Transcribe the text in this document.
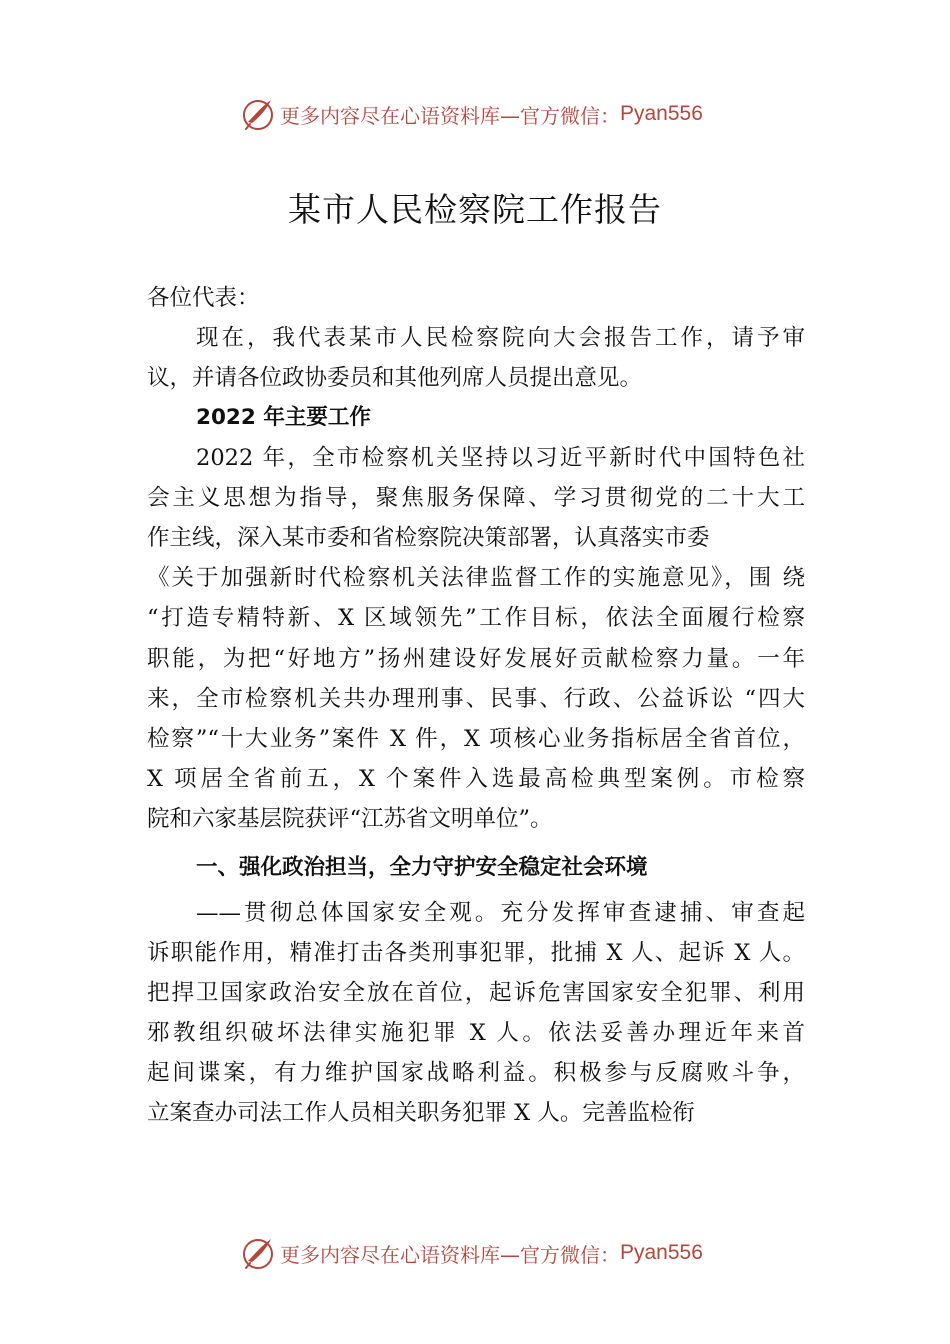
更多内容尽在心语资料库—官方微信： Pyan556
某市人民检察院工作报告
各位代表：
现在，我代表某市人民检察院向大会报告工作，请予审
议，并请各位政协委员和其他列席人员提出意见。
2022 年主要工作
2022 年，全市检察机关坚持以习近平新时代中国特色社
会主义思想为指导，聚焦服务保障、学习贯彻党的二十大工
作主线，深入某市委和省检察院决策部署，认真落实市委
《关于加强新时代检察机关法律监督工作的实施意见》，围 绕
“打造专精特新、X 区域领先”工作目标，依法全面履行检察
职能，为把“好地方”扬州建设好发展好贡献检察力量。一年
来，全市检察机关共办理刑事、民事、行政、公益诉讼 “四大
检察”“十大业务”案件 X 件，X 项核心业务指标居全省首位，
X 项居全省前五，X 个案件入选最高检典型案例。市检察
院和六家基层院获评“江苏省文明单位”。
一、强化政治担当，全力守护安全稳定社会环境
——贯彻总体国家安全观。充分发挥审查逮捕、审查起
诉职能作用，精准打击各类刑事犯罪，批捕 X 人、起诉 X 人。
把捍卫国家政治安全放在首位，起诉危害国家安全犯罪、利用
邪教组织破坏法律实施犯罪 X 人。依法妥善办理近年来首
起间谍案，有力维护国家战略利益。积极参与反腐败斗争，
立案查办司法工作人员相关职务犯罪 X 人。完善监检衔
更多内容尽在心语资料库—官方微信： Pyan556
